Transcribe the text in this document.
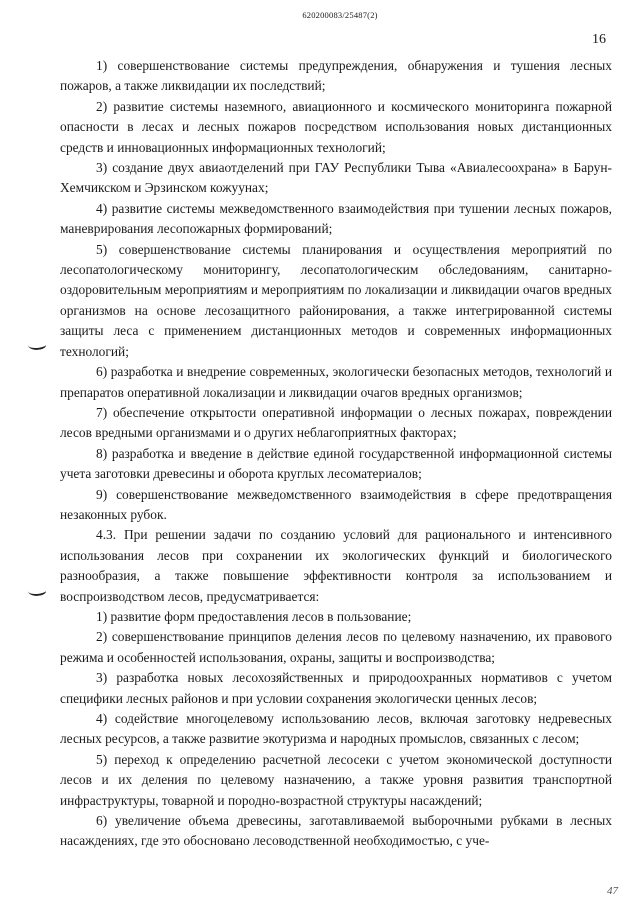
620200083/25487(2)
16

1) совершенствование системы предупреждения, обнаружения и тушения лесных пожаров, а также ликвидации их последствий;

2) развитие системы наземного, авиационного и космического мониторинга пожарной опасности в лесах и лесных пожаров посредством использования новых дистанционных средств и инновационных информационных технологий;

3) создание двух авиаотделений при ГАУ Республики Тыва «Авиалесоохрана» в Барун-Хемчикском и Эрзинском кожуунах;

4) развитие системы межведомственного взаимодействия при тушении лесных пожаров, маневрирования лесопожарных формирований;

5) совершенствование системы планирования и осуществления мероприятий по лесопатологическому мониторингу, лесопатологическим обследованиям, санитарно-оздоровительным мероприятиям и мероприятиям по локализации и ликвидации очагов вредных организмов на основе лесозащитного районирования, а также интегрированной системы защиты леса с применением дистанционных методов и современных информационных технологий;

6) разработка и внедрение современных, экологически безопасных методов, технологий и препаратов оперативной локализации и ликвидации очагов вредных организмов;

7) обеспечение открытости оперативной информации о лесных пожарах, повреждении лесов вредными организмами и о других неблагоприятных факторах;

8) разработка и введение в действие единой государственной информационной системы учета заготовки древесины и оборота круглых лесоматериалов;

9) совершенствование межведомственного взаимодействия в сфере предотвращения незаконных рубок.

4.3. При решении задачи по созданию условий для рационального и интенсивного использования лесов при сохранении их экологических функций и биологического разнообразия, а также повышение эффективности контроля за использованием и воспроизводством лесов, предусматривается:

1) развитие форм предоставления лесов в пользование;

2) совершенствование принципов деления лесов по целевому назначению, их правового режима и особенностей использования, охраны, защиты и воспроизводства;

3) разработка новых лесохозяйственных и природоохранных нормативов с учетом специфики лесных районов и при условии сохранения экологически ценных лесов;

4) содействие многоцелевому использованию лесов, включая заготовку недревесных лесных ресурсов, а также развитие экотуризма и народных промыслов, связанных с лесом;

5) переход к определению расчетной лесосеки с учетом экономической доступности лесов и их деления по целевому назначению, а также уровня развития транспортной инфраструктуры, товарной и породно-возрастной структуры насаждений;

6) увеличение объема древесины, заготавливаемой выборочными рубками в лесных насаждениях, где это обосновано лесоводственной необходимостью, с уче-

47
